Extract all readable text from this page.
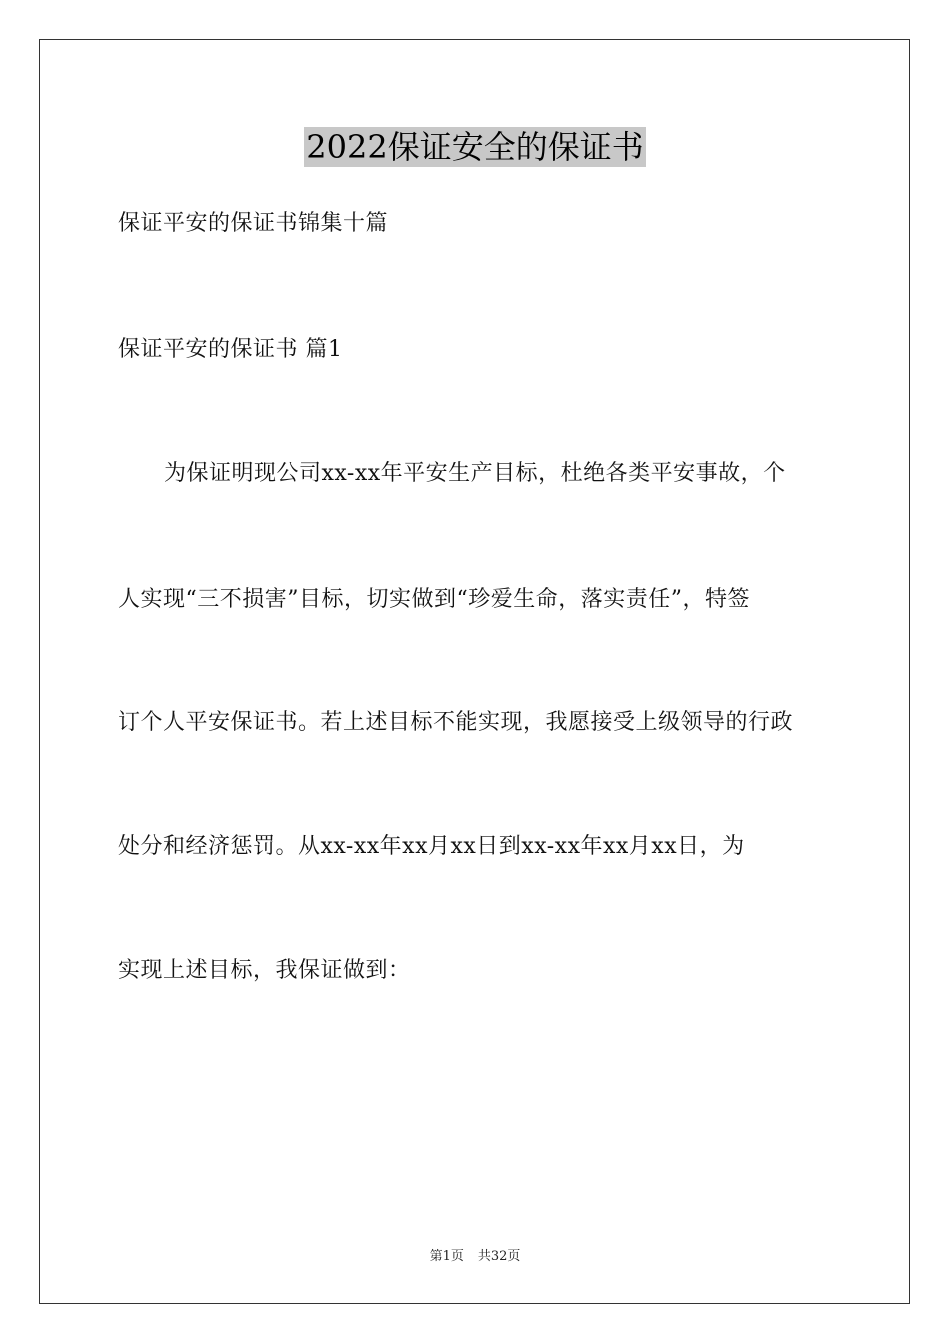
2022保证安全的保证书
保证平安的保证书锦集十篇
保证平安的保证书 篇1
为保证明现公司xx-xx年平安生产目标，杜绝各类平安事故，个
人实现“三不损害”目标，切实做到“珍爱生命，落实责任”，特签
订个人平安保证书。若上述目标不能实现，我愿接受上级领导的行政
处分和经济惩罚。从xx-xx年xx月xx日到xx-xx年xx月xx日，为
实现上述目标，我保证做到：
第1页 共32页
